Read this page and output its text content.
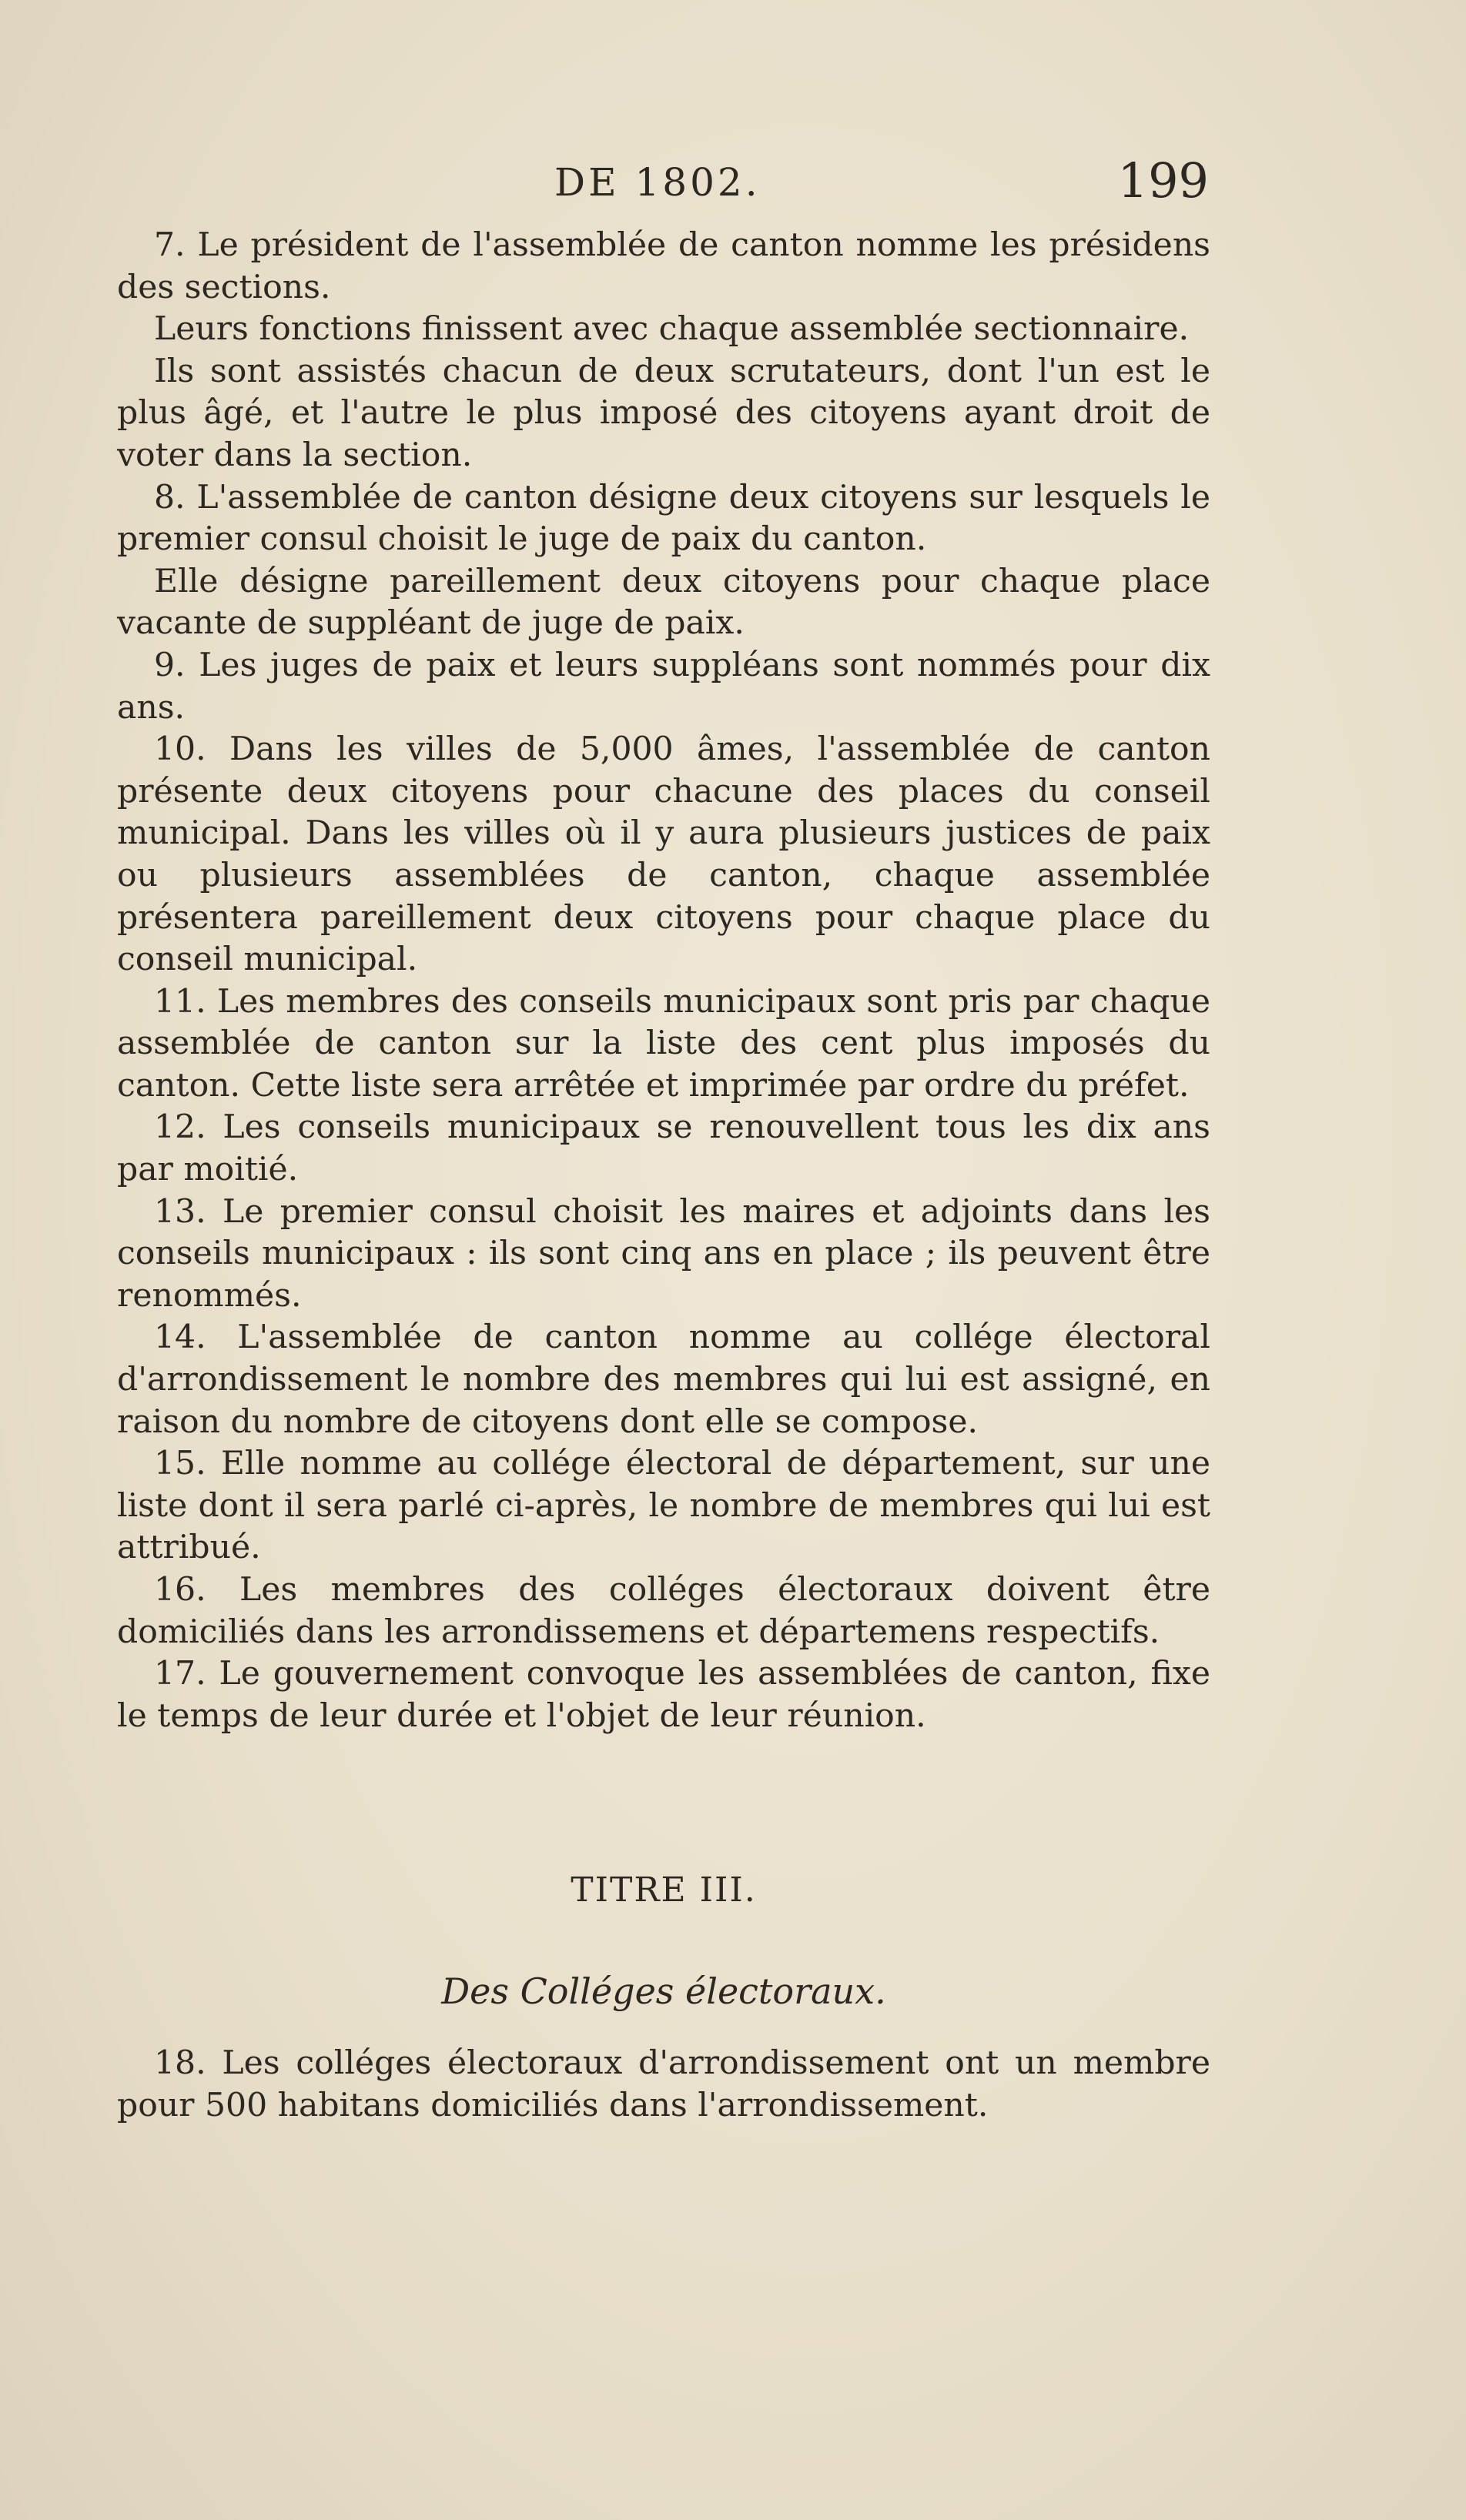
DE 1802.	199

7. Le président de l'assemblée de canton nomme les présidens des sections.

Leurs fonctions finissent avec chaque assemblée sectionnaire.

Ils sont assistés chacun de deux scrutateurs, dont l'un est le plus âgé, et l'autre le plus imposé des citoyens ayant droit de voter dans la section.

8. L'assemblée de canton désigne deux citoyens sur lesquels le premier consul choisit le juge de paix du canton.

Elle désigne pareillement deux citoyens pour chaque place vacante de suppléant de juge de paix.

9. Les juges de paix et leurs suppléans sont nommés pour dix ans.

10. Dans les villes de 5,000 âmes, l'assemblée de canton présente deux citoyens pour chacune des places du conseil municipal. Dans les villes où il y aura plusieurs justices de paix ou plusieurs assemblées de canton, chaque assemblée présentera pareillement deux citoyens pour chaque place du conseil municipal.

11. Les membres des conseils municipaux sont pris par chaque assemblée de canton sur la liste des cent plus imposés du canton. Cette liste sera arrêtée et imprimée par ordre du préfet.

12. Les conseils municipaux se renouvellent tous les dix ans par moitié.

13. Le premier consul choisit les maires et adjoints dans les conseils municipaux : ils sont cinq ans en place ; ils peuvent être renommés.

14. L'assemblée de canton nomme au collége électoral d'arrondissement le nombre des membres qui lui est assigné, en raison du nombre de citoyens dont elle se compose.

15. Elle nomme au collége électoral de département, sur une liste dont il sera parlé ci-après, le nombre de membres qui lui est attribué.

16. Les membres des colléges électoraux doivent être domiciliés dans les arrondissemens et départemens respectifs.

17. Le gouvernement convoque les assemblées de canton, fixe le temps de leur durée et l'objet de leur réunion.

TITRE III.
Des Colléges électoraux.

18. Les colléges électoraux d'arrondissement ont un membre pour 500 habitans domiciliés dans l'arrondissement.
